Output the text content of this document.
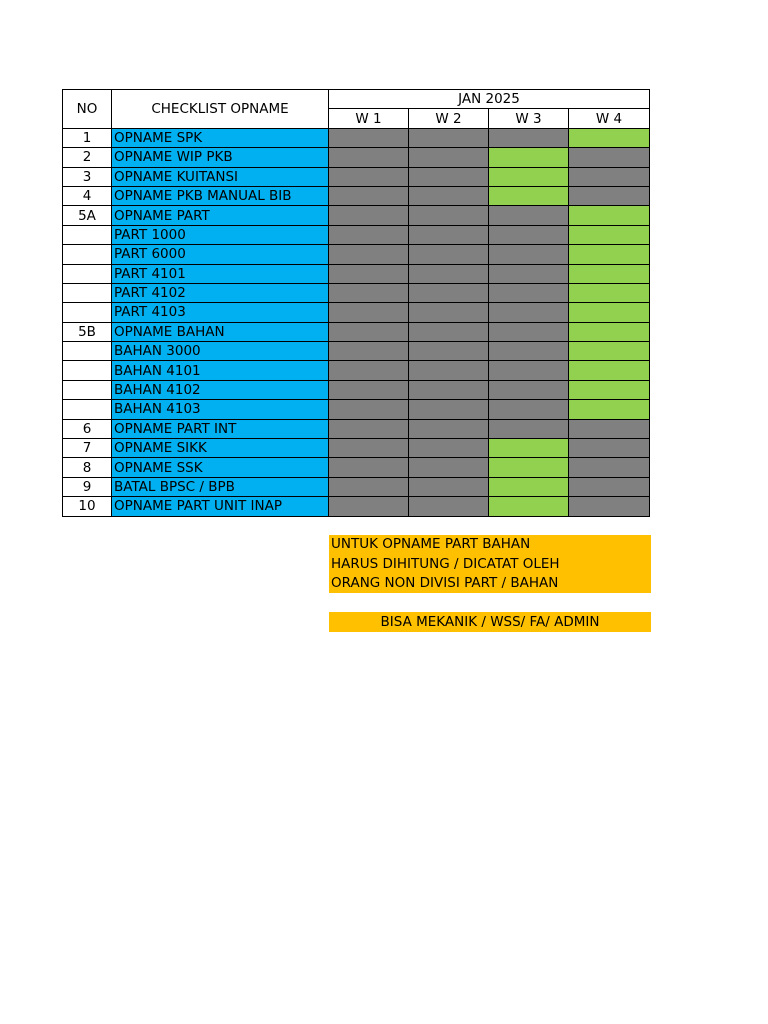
NO	CHECKLIST OPNAME	JAN 2025			
		W 1	W 2	W 3	W 4
1	OPNAME SPK				
2	OPNAME WIP PKB				
3	OPNAME KUITANSI				
4	OPNAME PKB MANUAL BIB				
5A	OPNAME PART				
	PART 1000				
	PART 6000				
	PART 4101				
	PART 4102				
	PART 4103				
5B	OPNAME BAHAN				
	BAHAN 3000				
	BAHAN 4101				
	BAHAN 4102				
	BAHAN 4103				
6	OPNAME PART INT				
7	OPNAME SIKK				
8	OPNAME SSK				
9	BATAL BPSC / BPB				
10	OPNAME PART UNIT INAP				
UNTUK OPNAME PART BAHAN
HARUS DIHITUNG / DICATAT OLEH
ORANG NON DIVISI PART / BAHAN
BISA MEKANIK / WSS/ FA/ ADMIN
